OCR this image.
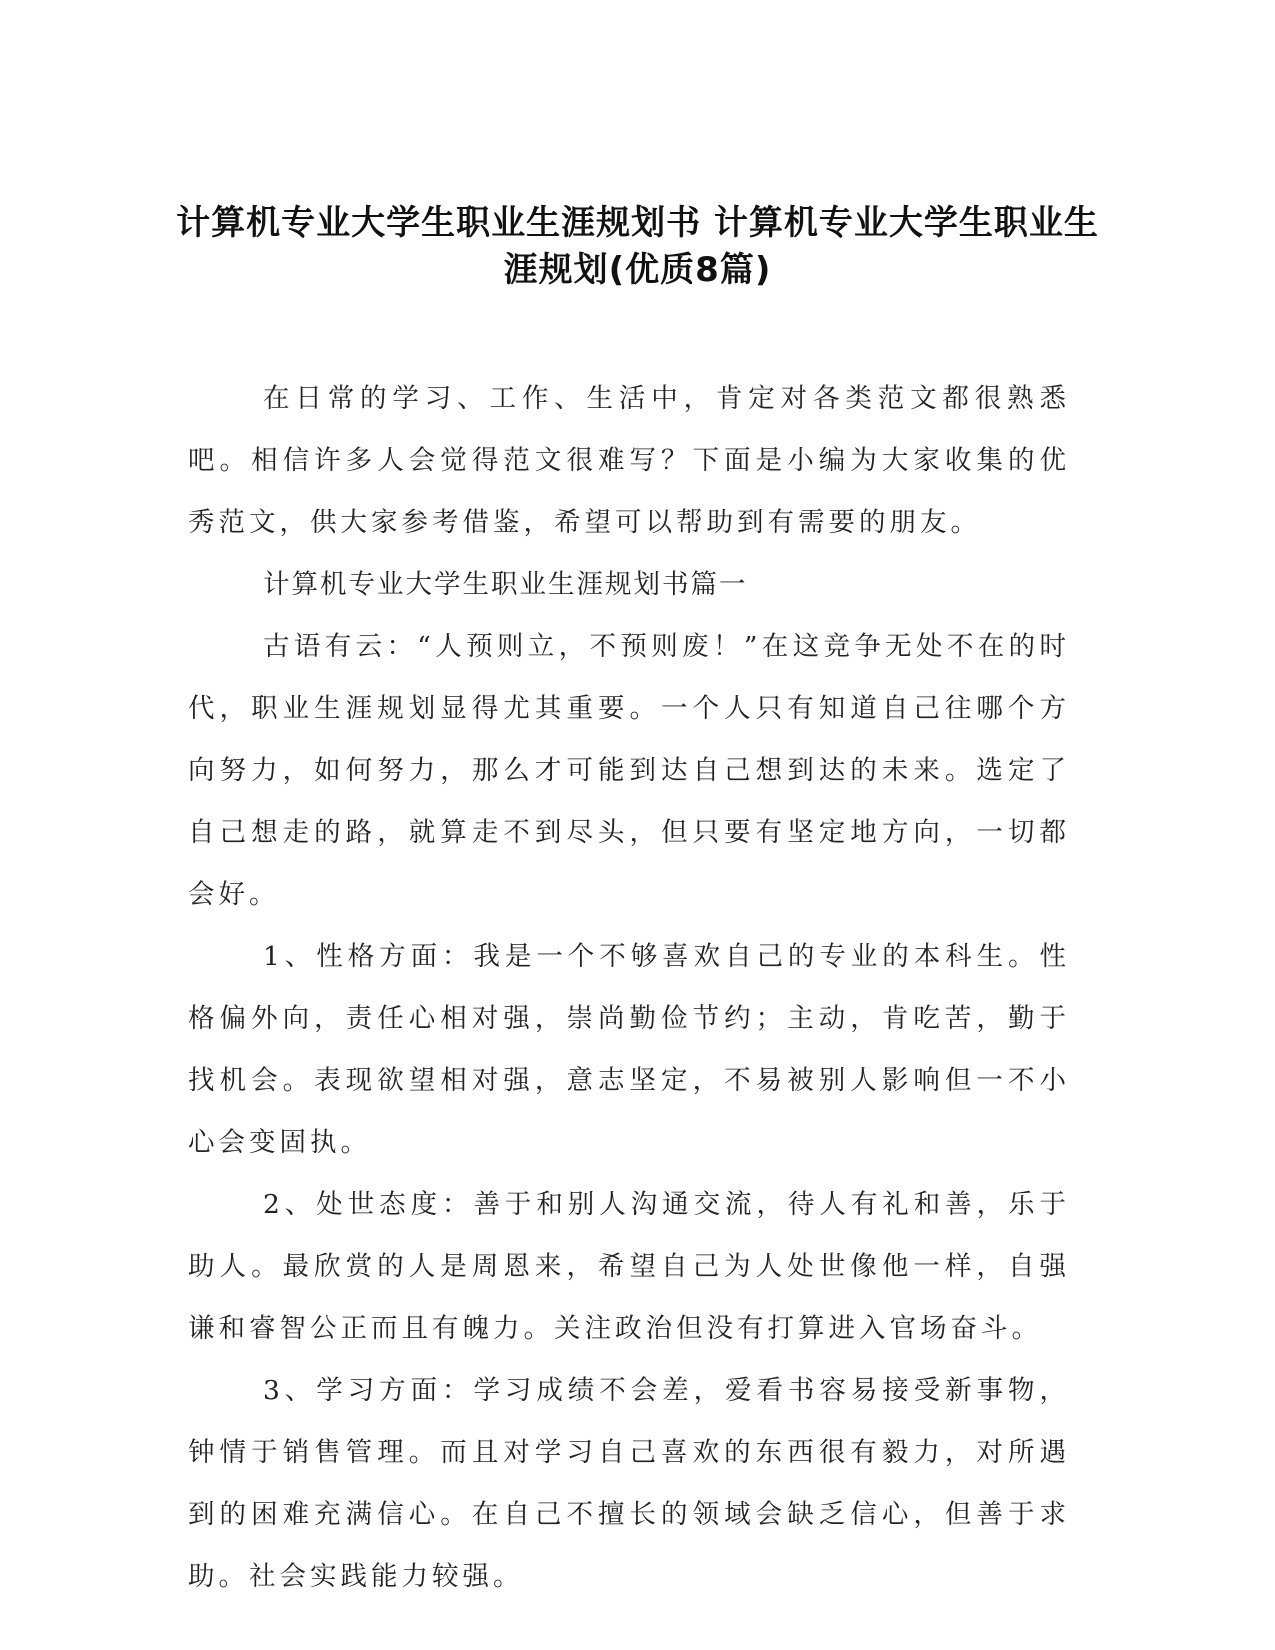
计算机专业大学生职业生涯规划书 计算机专业大学生职业生
涯规划(优质8篇)

在日常的学习、工作、生活中，肯定对各类范文都很熟悉吧。相信许多人会觉得范文很难写？下面是小编为大家收集的优秀范文，供大家参考借鉴，希望可以帮助到有需要的朋友。

计算机专业大学生职业生涯规划书篇一

古语有云：“人预则立，不预则废！”在这竞争无处不在的时代，职业生涯规划显得尤其重要。一个人只有知道自己往哪个方向努力，如何努力，那么才可能到达自己想到达的未来。选定了自己想走的路，就算走不到尽头，但只要有坚定地方向，一切都会好。

1、性格方面：我是一个不够喜欢自己的专业的本科生。性格偏外向，责任心相对强，崇尚勤俭节约；主动，肯吃苦，勤于找机会。表现欲望相对强，意志坚定，不易被别人影响但一不小心会变固执。

2、处世态度：善于和别人沟通交流，待人有礼和善，乐于助人。最欣赏的人是周恩来，希望自己为人处世像他一样，自强谦和睿智公正而且有魄力。关注政治但没有打算进入官场奋斗。

3、学习方面：学习成绩不会差，爱看书容易接受新事物，钟情于销售管理。而且对学习自己喜欢的东西很有毅力，对所遇到的困难充满信心。在自己不擅长的领域会缺乏信心，但善于求助。社会实践能力较强。
